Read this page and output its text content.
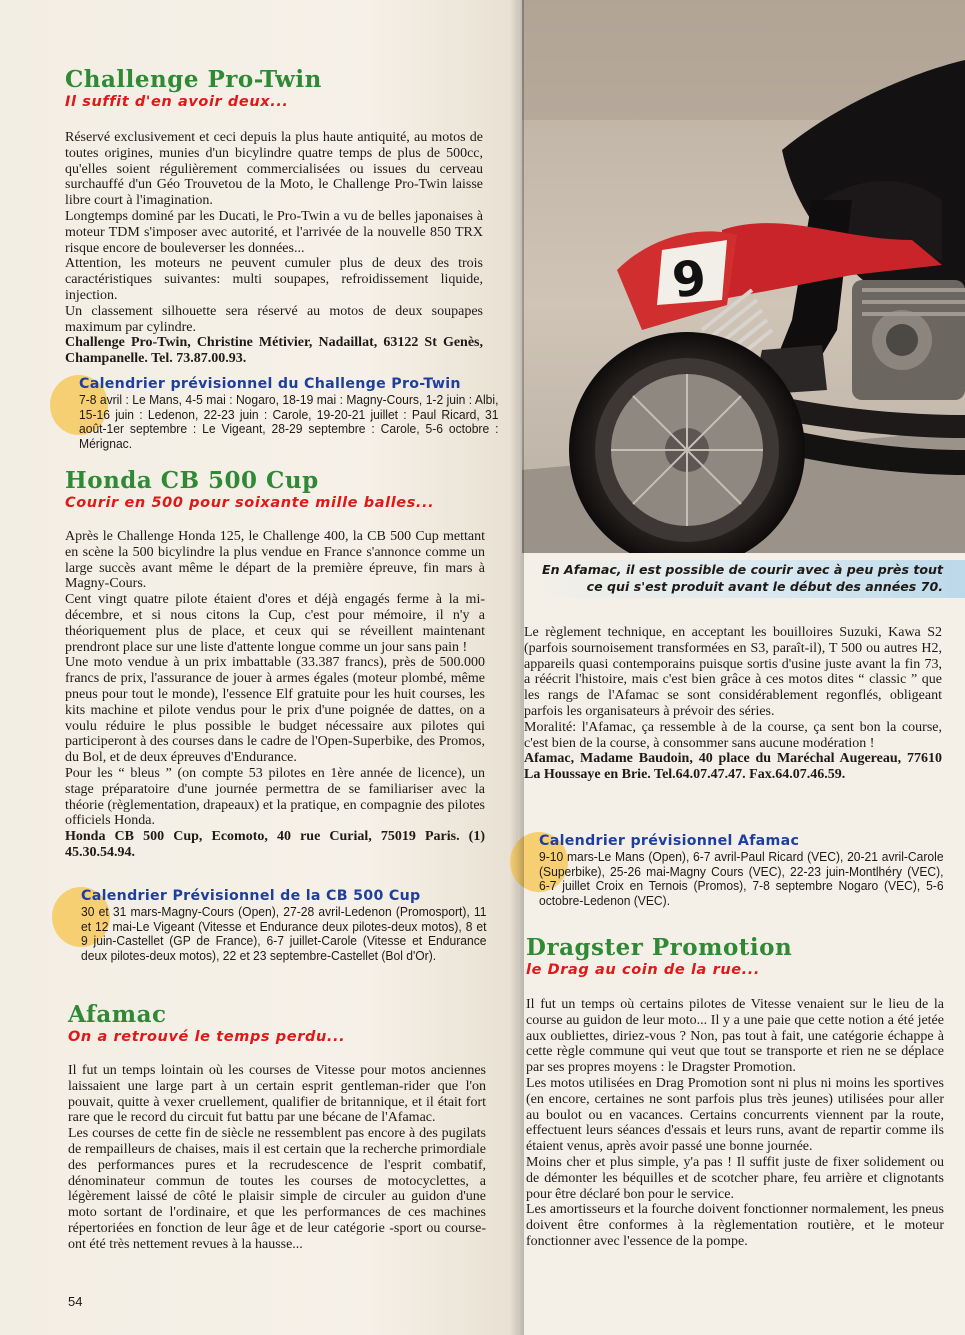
Challenge Pro-Twin
Il suffit d'en avoir deux...

Réservé exclusivement et ceci depuis la plus haute antiquité, au motos de toutes origines, munies d'un bicylindre quatre temps de plus de 500cc, qu'elles soient régulièrement commercialisées ou issues du cerveau surchauffé d'un Géo Trouvetou de la Moto, le Challenge Pro-Twin laisse libre court à l'imagination.

Longtemps dominé par les Ducati, le Pro-Twin a vu de belles japonaises à moteur TDM s'imposer avec autorité, et l'arrivée de la nouvelle 850 TRX risque encore de bouleverser les données...

Attention, les moteurs ne peuvent cumuler plus de deux des trois caractéristiques suivantes: multi soupapes, refroidissement liquide, injection.

Un classement silhouette sera réservé au motos de deux soupapes maximum par cylindre.

Challenge Pro-Twin, Christine Métivier, Nadaillat, 63122 St Genès, Champanelle. Tel. 73.87.00.93.

Calendrier prévisionnel du Challenge Pro-Twin
7-8 avril : Le Mans, 4-5 mai : Nogaro, 18-19 mai : Magny-Cours, 1-2 juin : Albi, 15-16 juin : Ledenon, 22-23 juin : Carole, 19-20-21 juillet : Paul Ricard, 31 août-1er septembre : Le Vigeant, 28-29 septembre : Carole, 5-6 octobre : Mérignac.
Honda CB 500 Cup
Courir en 500 pour soixante mille balles...

Après le Challenge Honda 125, le Challenge 400, la CB 500 Cup mettant en scène la 500 bicylindre la plus vendue en France s'annonce comme un large succès avant même le départ de la première épreuve, fin mars à Magny-Cours.

Cent vingt quatre pilote étaient d'ores et déjà engagés ferme à la mi-décembre, et si nous citons la Cup, c'est pour mémoire, il n'y a théoriquement plus de place, et ceux qui se réveillent maintenant prendront place sur une liste d'attente longue comme un jour sans pain !

Une moto vendue à un prix imbattable (33.387 francs), près de 500.000 francs de prix, l'assurance de jouer à armes égales (moteur plombé, même pneus pour tout le monde), l'essence Elf gratuite pour les huit courses, les kits machine et pilote vendus pour le prix d'une poignée de dattes, on a voulu réduire le plus possible le budget nécessaire aux pilotes qui participeront à des courses dans le cadre de l'Open-Superbike, des Promos, du Bol, et de deux épreuves d'Endurance.

Pour les “ bleus ” (on compte 53 pilotes en 1ère année de licence), un stage préparatoire d'une journée permettra de se familiariser avec la théorie (règlementation, drapeaux) et la pratique, en compagnie des pilotes officiels Honda.

Honda CB 500 Cup, Ecomoto, 40 rue Curial, 75019 Paris. (1) 45.30.54.94.

Calendrier Prévisionnel de la CB 500 Cup
30 et 31 mars-Magny-Cours (Open), 27-28 avril-Ledenon (Promosport), 11 et 12 mai-Le Vigeant (Vitesse et Endurance deux pilotes-deux motos), 8 et 9 juin-Castellet (GP de France), 6-7 juillet-Carole (Vitesse et Endurance deux pilotes-deux motos), 22 et 23 septembre-Castellet (Bol d'Or).
Afamac
On a retrouvé le temps perdu...

Il fut un temps lointain où les courses de Vitesse pour motos anciennes laissaient une large part à un certain esprit gentleman-rider que l'on pouvait, quitte à vexer cruellement, qualifier de britannique, et il était fort rare que le record du circuit fut battu par une bécane de l'Afamac.

Les courses de cette fin de siècle ne ressemblent pas encore à des pugilats de rempailleurs de chaises, mais il est certain que la recherche primordiale des performances pures et la recrudescence de l'esprit combatif, dénominateur commun de toutes les courses de motocyclettes, a légèrement laissé de côté le plaisir simple de circuler au guidon d'une moto sortant de l'ordinaire, et que les performances de ces machines répertoriées en fonction de leur âge et de leur catégorie -sport ou course- ont été très nettement revues à la hausse...

54
9
En Afamac, il est possible de courir avec à peu près tout ce qui s'est produit avant le début des années 70.

Le règlement technique, en acceptant les bouilloires Suzuki, Kawa S2 (parfois sournoisement transformées en S3, paraît-il), T 500 ou autres H2, appareils quasi contemporains puisque sortis d'usine juste avant la fin 73, a réécrit l'histoire, mais c'est bien grâce à ces motos dites “ classic ” que les rangs de l'Afamac se sont considérablement regonflés, obligeant parfois les organisateurs à prévoir des séries.

Moralité: l'Afamac, ça ressemble à de la course, ça sent bon la course, c'est bien de la course, à consommer sans aucune modération !

Afamac, Madame Baudoin, 40 place du Maréchal Augereau, 77610 La Houssaye en Brie. Tel.64.07.47.47. Fax.64.07.46.59.

Calendrier prévisionnel Afamac
9-10 mars-Le Mans (Open), 6-7 avril-Paul Ricard (VEC), 20-21 avril-Carole (Superbike), 25-26 mai-Magny Cours (VEC), 22-23 juin-Montlhéry (VEC), 6-7 juillet Croix en Ternois (Promos), 7-8 septembre Nogaro (VEC), 5-6 octobre-Ledenon (VEC).
Dragster Promotion
le Drag au coin de la rue...

Il fut un temps où certains pilotes de Vitesse venaient sur le lieu de la course au guidon de leur moto... Il y a une paie que cette notion a été jetée aux oubliettes, diriez-vous ? Non, pas tout à fait, une catégorie échappe à cette règle commune qui veut que tout se transporte et rien ne se déplace par ses propres moyens : le Dragster Promotion.

Les motos utilisées en Drag Promotion sont ni plus ni moins les sportives (en encore, certaines ne sont parfois plus très jeunes) utilisées pour aller au boulot ou en vacances. Certains concurrents viennent par la route, effectuent leurs séances d'essais et leurs runs, avant de repartir comme ils étaient venus, après avoir passé une bonne journée.

Moins cher et plus simple, y'a pas ! Il suffit juste de fixer solidement ou de démonter les béquilles et de scotcher phare, feu arrière et clignotants pour être déclaré bon pour le service.

Les amortisseurs et la fourche doivent fonctionner normalement, les pneus doivent être conformes à la règlementation routière, et le moteur fonctionner avec l'essence de la pompe.
